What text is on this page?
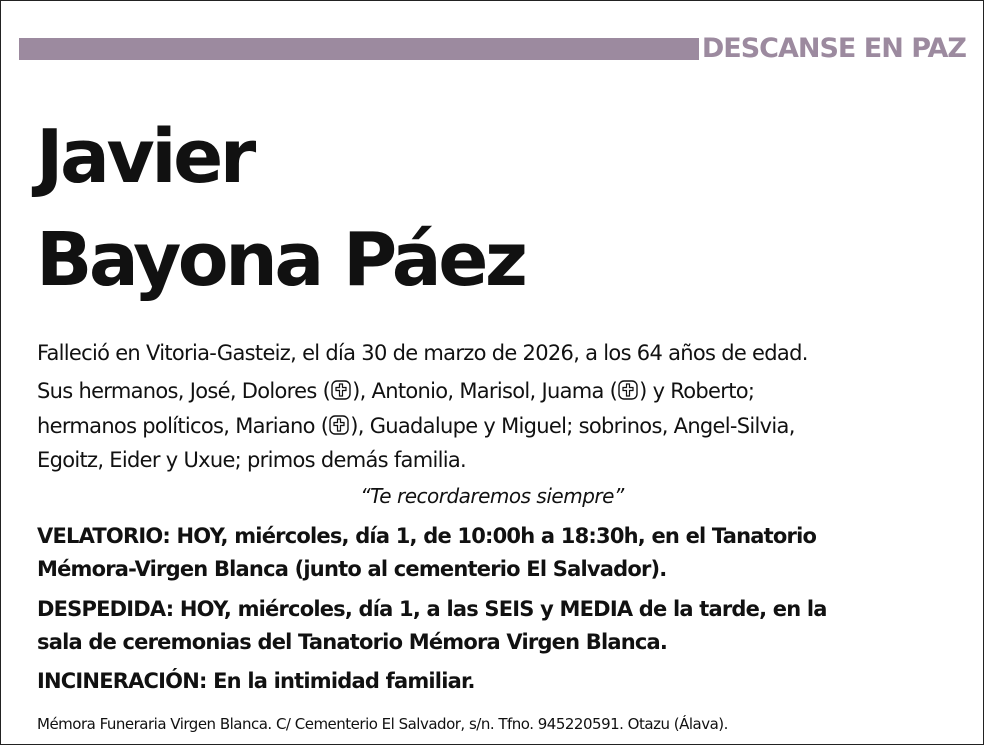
DESCANSE EN PAZ
Javier
Bayona Páez
Falleció en Vitoria-Gasteiz, el día 30 de marzo de 2026, a los 64 años de edad.
Sus hermanos, José, Dolores ( ), Antonio, Marisol, Juama ( ) y Roberto;
hermanos políticos, Mariano ( ), Guadalupe y Miguel; sobrinos, Angel-Silvia,
Egoitz, Eider y Uxue; primos demás familia.
“Te recordaremos siempre”
VELATORIO: HOY, miércoles, día 1, de 10:00h a 18:30h, en el Tanatorio
Mémora-Virgen Blanca (junto al cementerio El Salvador).
DESPEDIDA: HOY, miércoles, día 1, a las SEIS y MEDIA de la tarde, en la
sala de ceremonias del Tanatorio Mémora Virgen Blanca.
INCINERACIÓN: En la intimidad familiar.
Mémora Funeraria Virgen Blanca. C/ Cementerio El Salvador, s/n. Tfno. 945220591. Otazu (Álava).
